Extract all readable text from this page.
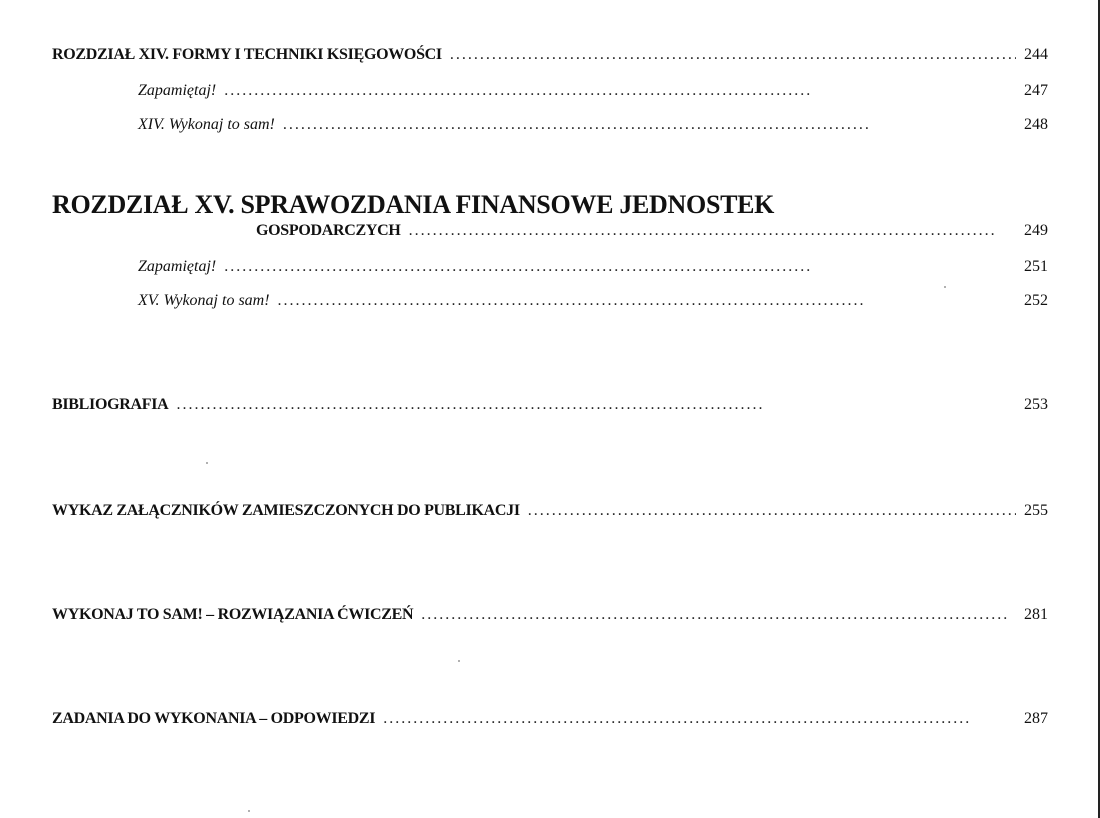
ROZDZIAŁ XIV. FORMY I TECHNIKI KSIĘGOWOŚCI . . .	244
Zapamiętaj! . . .	247
XIV. Wykonaj to sam! . . .	248
ROZDZIAŁ XV. SPRAWOZDANIA FINANSOWE JEDNOSTEK
GOSPODARCZYCH . . .	249
Zapamiętaj! . . .	251
XV. Wykonaj to sam! . . .	252
BIBLIOGRAFIA . . .	253
WYKAZ ZAŁĄCZNIKÓW ZAMIESZCZONYCH DO PUBLIKACJI . . .	255
WYKONAJ TO SAM! – ROZWIĄZANIA ĆWICZEŃ . . .	281
ZADANIA DO WYKONANIA – ODPOWIEDZI . . .	287
